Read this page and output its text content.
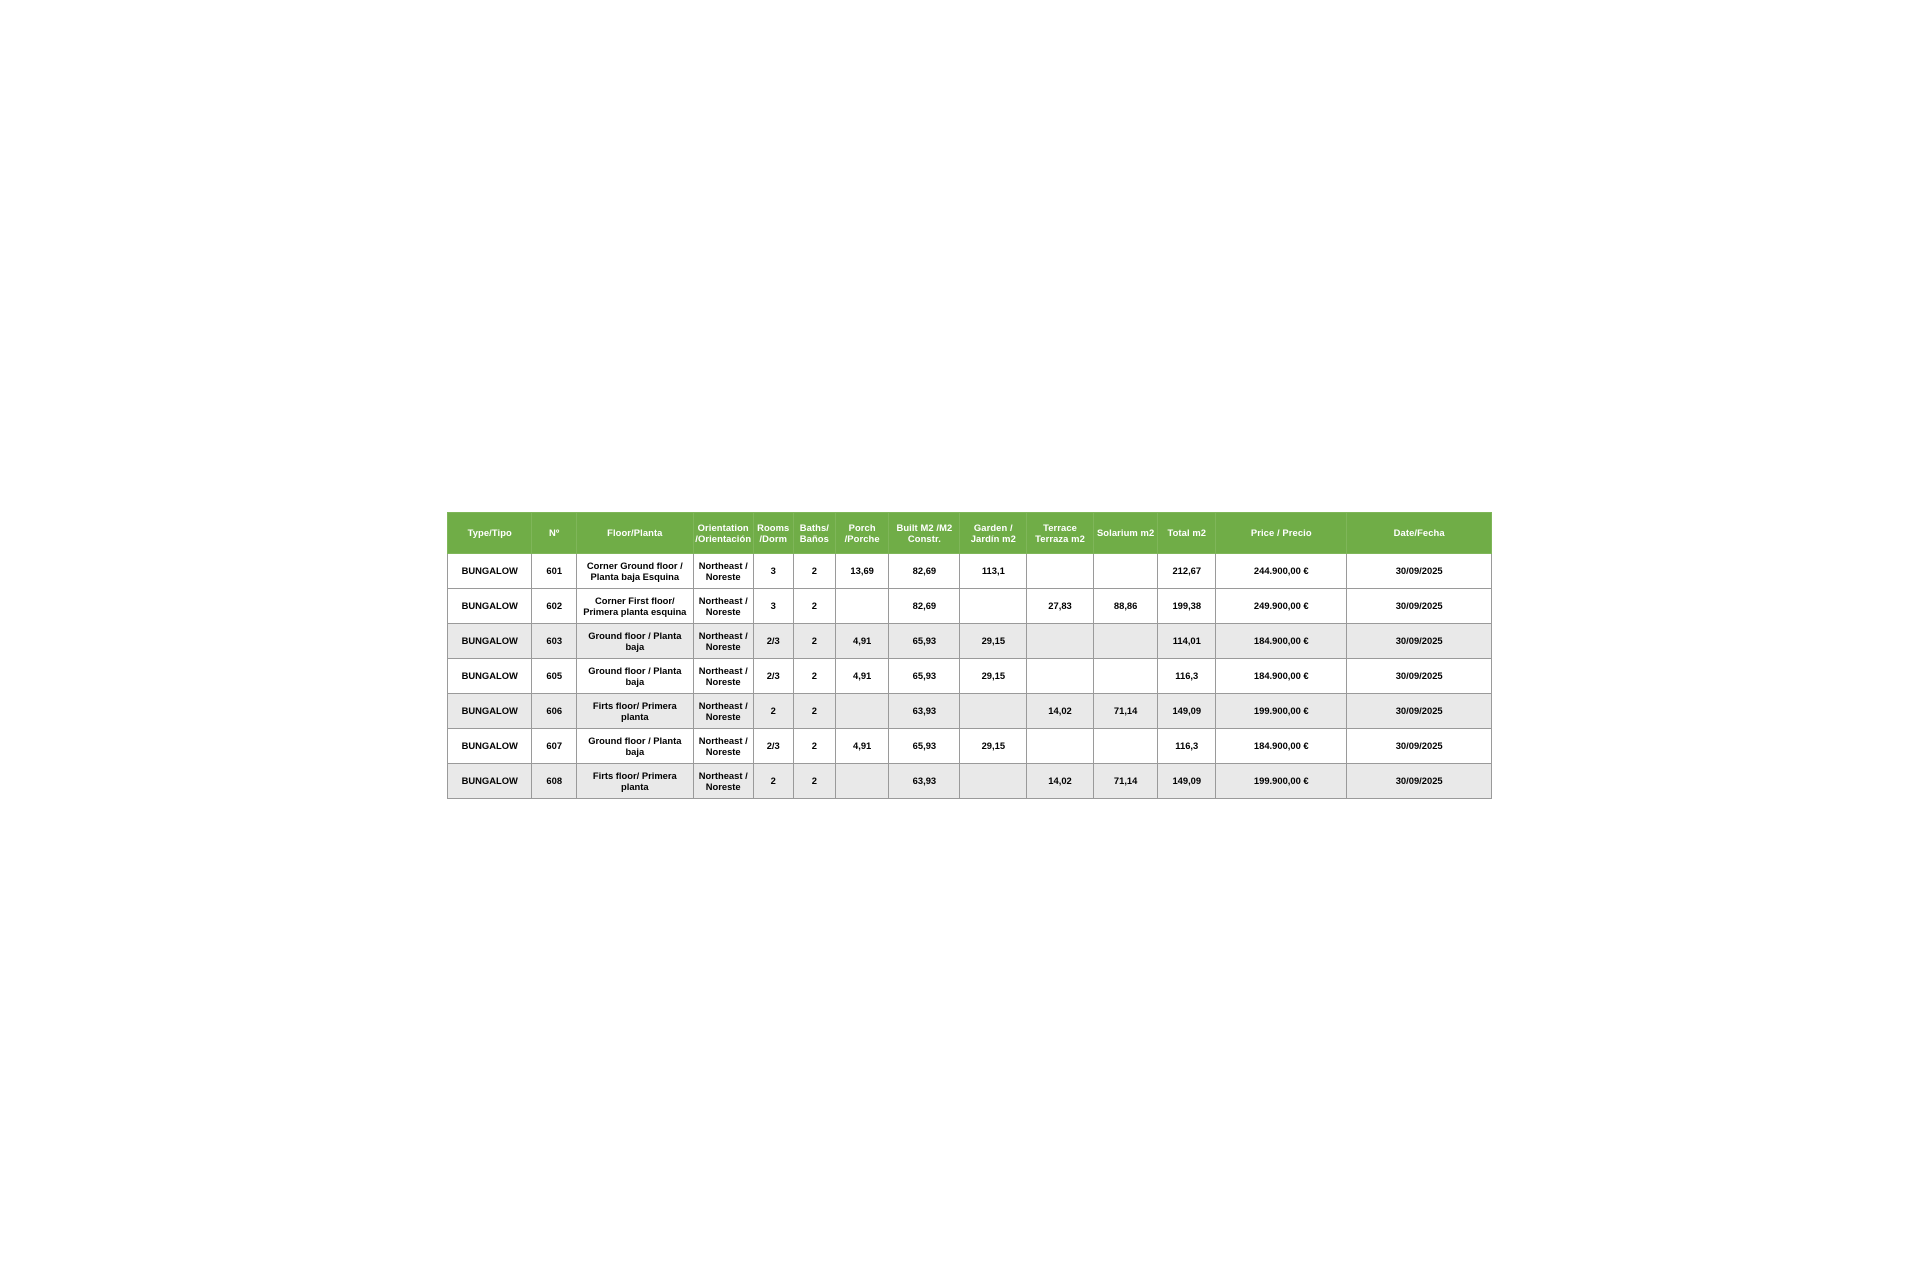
Type/Tipo	Nº	Floor/Planta	Orientation /Orientación	Rooms /Dorm	Baths/ Baños	Porch /Porche	Built M2 /M2 Constr.	Garden / Jardín m2	Terrace Terraza m2	Solarium m2	Total m2	Price / Precio	Date/Fecha
BUNGALOW	601	Corner Ground floor / Planta baja Esquina	Northeast / Noreste	3	2	13,69	82,69	113,1			212,67	244.900,00 €	30/09/2025
BUNGALOW	602	Corner First floor/ Primera planta esquina	Northeast / Noreste	3	2		82,69		27,83	88,86	199,38	249.900,00 €	30/09/2025
BUNGALOW	603	Ground floor / Planta baja	Northeast / Noreste	2/3	2	4,91	65,93	29,15			114,01	184.900,00 €	30/09/2025
BUNGALOW	605	Ground floor / Planta baja	Northeast / Noreste	2/3	2	4,91	65,93	29,15			116,3	184.900,00 €	30/09/2025
BUNGALOW	606	Firts floor/ Primera planta	Northeast / Noreste	2	2		63,93		14,02	71,14	149,09	199.900,00 €	30/09/2025
BUNGALOW	607	Ground floor / Planta baja	Northeast / Noreste	2/3	2	4,91	65,93	29,15			116,3	184.900,00 €	30/09/2025
BUNGALOW	608	Firts floor/ Primera planta	Northeast / Noreste	2	2		63,93		14,02	71,14	149,09	199.900,00 €	30/09/2025
